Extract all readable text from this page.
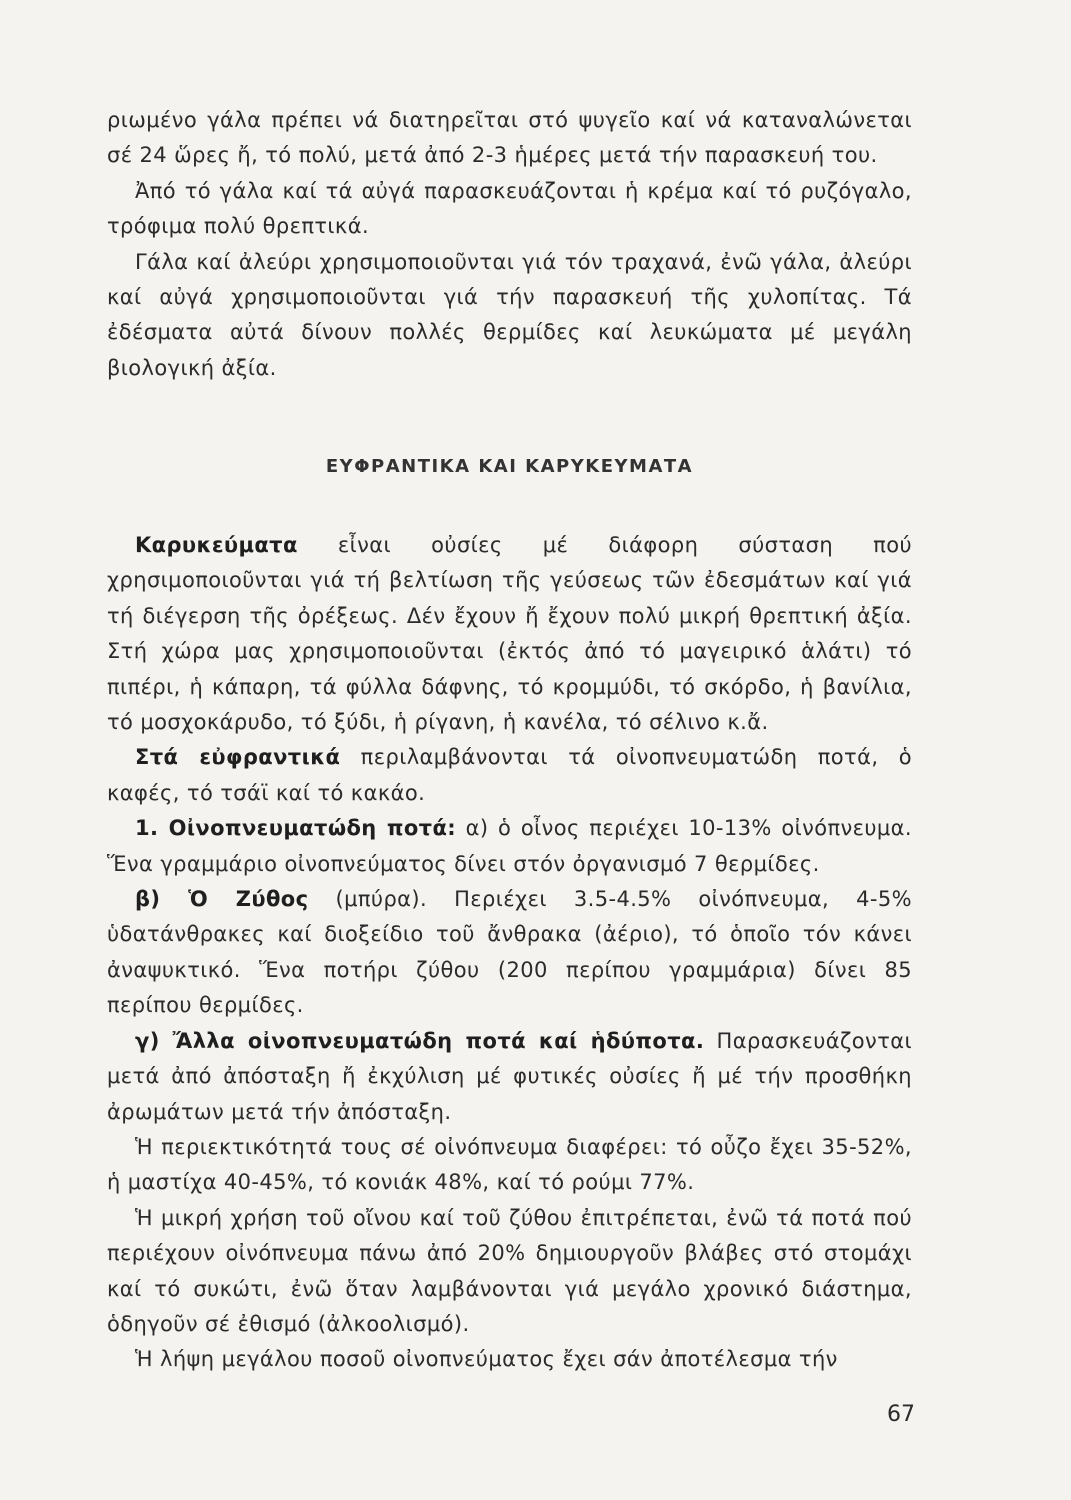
ριωμένο γάλα πρέπει νά διατηρεῖται στό ψυγεῖο καί νά καταναλώνεται σέ 24 ὥρες ἤ, τό πολύ, μετά ἀπό 2-3 ἡμέρες μετά τήν παρασκευή του.

Ἀπό τό γάλα καί τά αὐγά παρασκευάζονται ἡ κρέμα καί τό ρυζόγαλο, τρόφιμα πολύ θρεπτικά.

Γάλα καί ἀλεύρι χρησιμοποιοῦνται γιά τόν τραχανά, ἐνῶ γάλα, ἀλεύρι καί αὐγά χρησιμοποιοῦνται γιά τήν παρασκευή τῆς χυλοπίτας. Τά ἐδέσματα αὐτά δίνουν πολλές θερμίδες καί λευκώματα μέ μεγάλη βιολογική ἀξία.

ΕΥΦΡΑΝΤΙΚΑ ΚΑΙ ΚΑΡΥΚΕΥΜΑΤΑ

Καρυκεύματα εἶναι οὐσίες μέ διάφορη σύσταση πού χρησιμοποιοῦνται γιά τή βελτίωση τῆς γεύσεως τῶν ἐδεσμάτων καί γιά τή διέγερση τῆς ὀρέξεως. Δέν ἔχουν ἤ ἔχουν πολύ μικρή θρεπτική ἀξία. Στή χώρα μας χρησιμοποιοῦνται (ἐκτός ἀπό τό μαγειρικό ἁλάτι) τό πιπέρι, ἡ κάπαρη, τά φύλλα δάφνης, τό κρομμύδι, τό σκόρδο, ἡ βανίλια, τό μοσχοκάρυδο, τό ξύδι, ἡ ρίγανη, ἡ κανέλα, τό σέλινο κ.ἄ.

Στά εὐφραντικά περιλαμβάνονται τά οἰνοπνευματώδη ποτά, ὁ καφές, τό τσάϊ καί τό κακάο.

1. Οἰνοπνευματώδη ποτά: α) ὁ οἶνος περιέχει 10-13% οἰνόπνευμα. Ἕνα γραμμάριο οἰνοπνεύματος δίνει στόν ὀργανισμό 7 θερμίδες.

β) Ὁ Ζύθος (μπύρα). Περιέχει 3.5-4.5% οἰνόπνευμα, 4-5% ὑδατάνθρακες καί διοξείδιο τοῦ ἄνθρακα (ἀέριο), τό ὁποῖο τόν κάνει ἀναψυκτικό. Ἕνα ποτήρι ζύθου (200 περίπου γραμμάρια) δίνει 85 περίπου θερμίδες.

γ) Ἄλλα οἰνοπνευματώδη ποτά καί ἡδύποτα. Παρασκευάζονται μετά ἀπό ἀπόσταξη ἤ ἐκχύλιση μέ φυτικές οὐσίες ἤ μέ τήν προσθήκη ἀρωμάτων μετά τήν ἀπόσταξη.

Ἡ περιεκτικότητά τους σέ οἰνόπνευμα διαφέρει: τό οὖζο ἔχει 35-52%, ἡ μαστίχα 40-45%, τό κονιάκ 48%, καί τό ρούμι 77%.

Ἡ μικρή χρήση τοῦ οἴνου καί τοῦ ζύθου ἐπιτρέπεται, ἐνῶ τά ποτά πού περιέχουν οἰνόπνευμα πάνω ἀπό 20% δημιουργοῦν βλάβες στό στομάχι καί τό συκώτι, ἐνῶ ὅταν λαμβάνονται γιά μεγάλο χρονικό διάστημα, ὁδηγοῦν σέ ἐθισμό (ἀλκοολισμό).

Ἡ λήψη μεγάλου ποσοῦ οἰνοπνεύματος ἔχει σάν ἀποτέλεσμα τήν

67
